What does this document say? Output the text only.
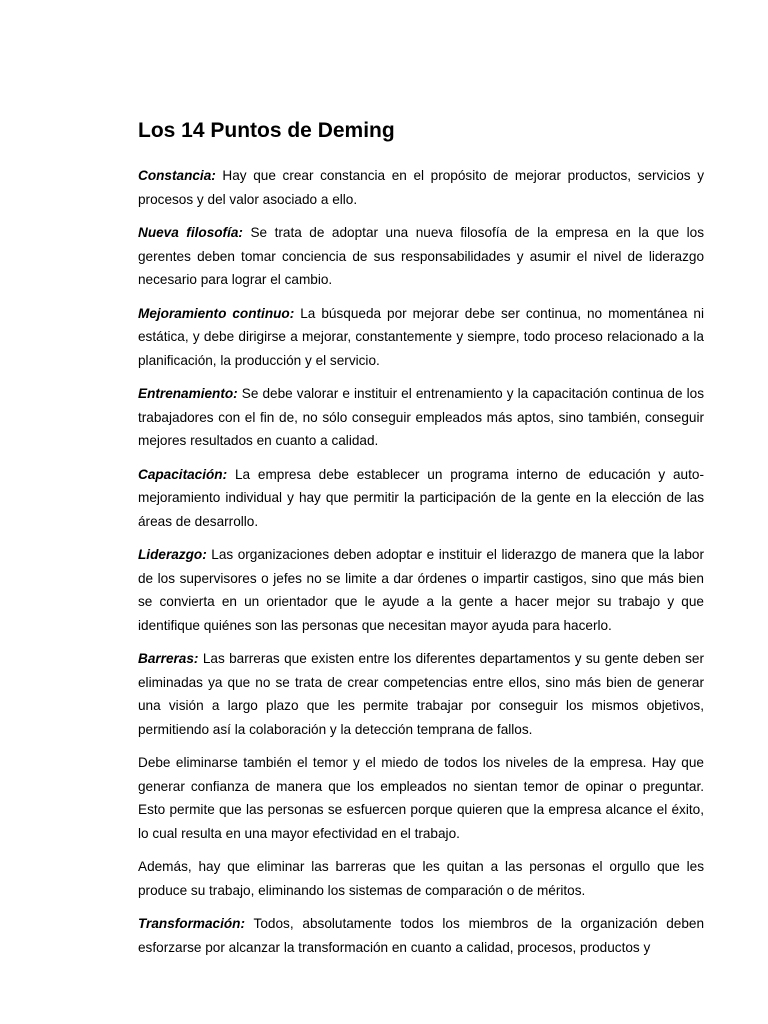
Los 14 Puntos de Deming

Constancia: Hay que crear constancia en el propósito de mejorar productos, servicios y procesos y del valor asociado a ello.

Nueva filosofía: Se trata de adoptar una nueva filosofía de la empresa en la que los gerentes deben tomar conciencia de sus responsabilidades y asumir el nivel de liderazgo necesario para lograr el cambio.

Mejoramiento continuo: La búsqueda por mejorar debe ser continua, no momentánea ni estática, y debe dirigirse a mejorar, constantemente y siempre, todo proceso relacionado a la planificación, la producción y el servicio.

Entrenamiento: Se debe valorar e instituir el entrenamiento y la capacitación continua de los trabajadores con el fin de, no sólo conseguir empleados más aptos, sino también, conseguir mejores resultados en cuanto a calidad.

Capacitación: La empresa debe establecer un programa interno de educación y auto-mejoramiento individual y hay que permitir la participación de la gente en la elección de las áreas de desarrollo.

Liderazgo: Las organizaciones deben adoptar e instituir el liderazgo de manera que la labor de los supervisores o jefes no se limite a dar órdenes o impartir castigos, sino que más bien se convierta en un orientador que le ayude a la gente a hacer mejor su trabajo y que identifique quiénes son las personas que necesitan mayor ayuda para hacerlo.

Barreras: Las barreras que existen entre los diferentes departamentos y su gente deben ser eliminadas ya que no se trata de crear competencias entre ellos, sino más bien de generar una visión a largo plazo que les permite trabajar por conseguir los mismos objetivos, permitiendo así la colaboración y la detección temprana de fallos.

Debe eliminarse también el temor y el miedo de todos los niveles de la empresa. Hay que generar confianza de manera que los empleados no sientan temor de opinar o preguntar. Esto permite que las personas se esfuercen porque quieren que la empresa alcance el éxito, lo cual resulta en una mayor efectividad en el trabajo.

Además, hay que eliminar las barreras que les quitan a las personas el orgullo que les produce su trabajo, eliminando los sistemas de comparación o de méritos.

Transformación: Todos, absolutamente todos los miembros de la organización deben esforzarse por alcanzar la transformación en cuanto a calidad, procesos, productos y
